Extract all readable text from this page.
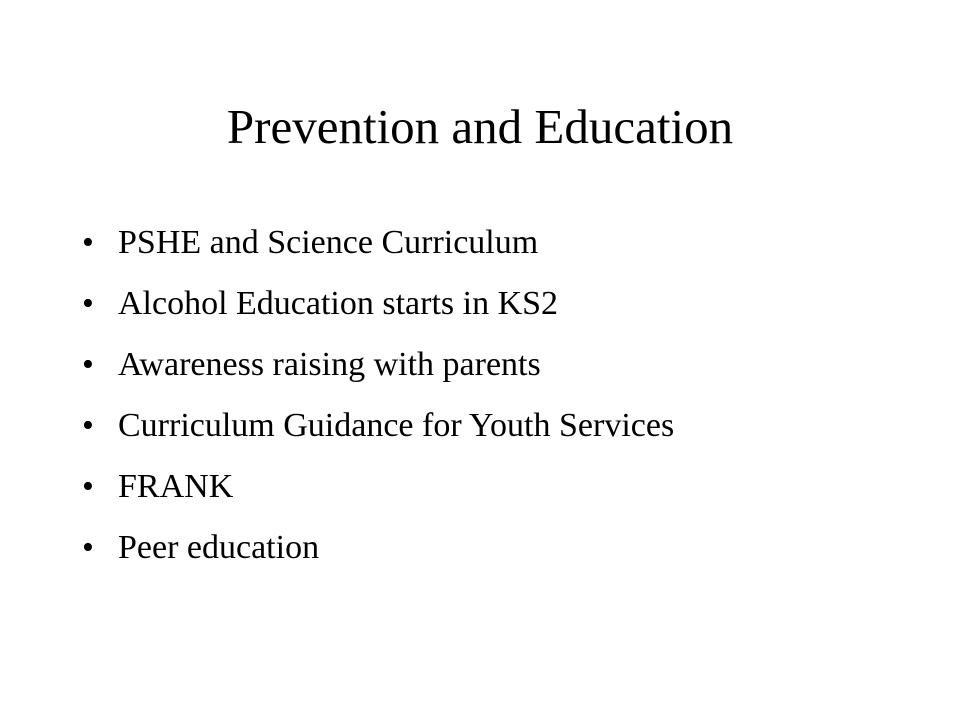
Prevention and Education
• PSHE and Science Curriculum
• Alcohol Education starts in KS2
• Awareness raising with parents
• Curriculum Guidance for Youth Services
• FRANK
• Peer education
